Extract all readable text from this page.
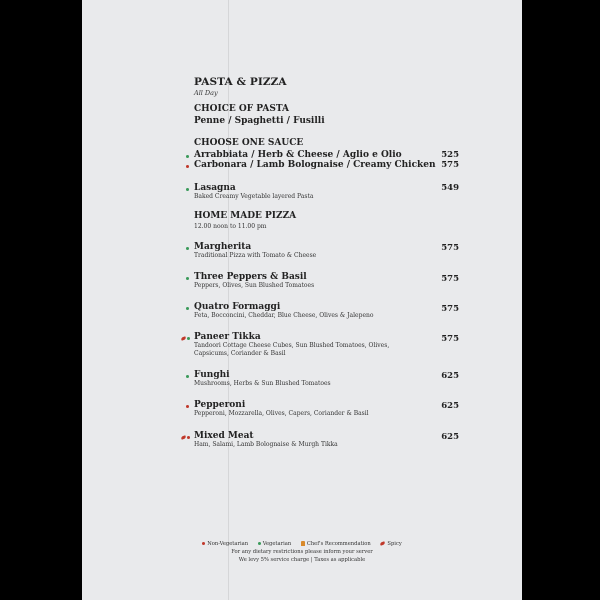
PASTA & PIZZA
All Day
CHOICE OF PASTA
Penne / Spaghetti / Fusilli
CHOOSE ONE SAUCE
Arrabbiata / Herb & Cheese / Aglio e Olio	525
Carbonara / Lamb Bolognaise / Creamy Chicken 575
Lasagna
Baked Creamy Vegetable layered Pasta
549
HOME MADE PIZZA
12.00 noon to 11.00 pm
Margherita
Traditional Pizza with Tomato & Cheese
575
Three Peppers & Basil
Peppers, Olives, Sun Blushed Tomatoes
575
Quatro Formaggi
Feta, Bocconcini, Cheddar, Blue Cheese, Olives & Jalepeno
575
Paneer Tikka
Tandoori Cottage Cheese Cubes, Sun Blushed Tomatoes, Olives,
Capsicums, Coriander & Basil
575
Funghi
Mushrooms, Herbs & Sun Blushed Tomatoes
625
Pepperoni
Pepperoni, Mozzarella, Olives, Capers, Coriander & Basil
625
Mixed Meat
Ham, Salami, Lamb Bolognaise & Murgh Tikka
625
Non-Vegetarian	Vegetarian	Chef's Recommendation	Spicy
For any dietary restrictions please inform your server
We levy 5% service charge | Taxes as applicable
